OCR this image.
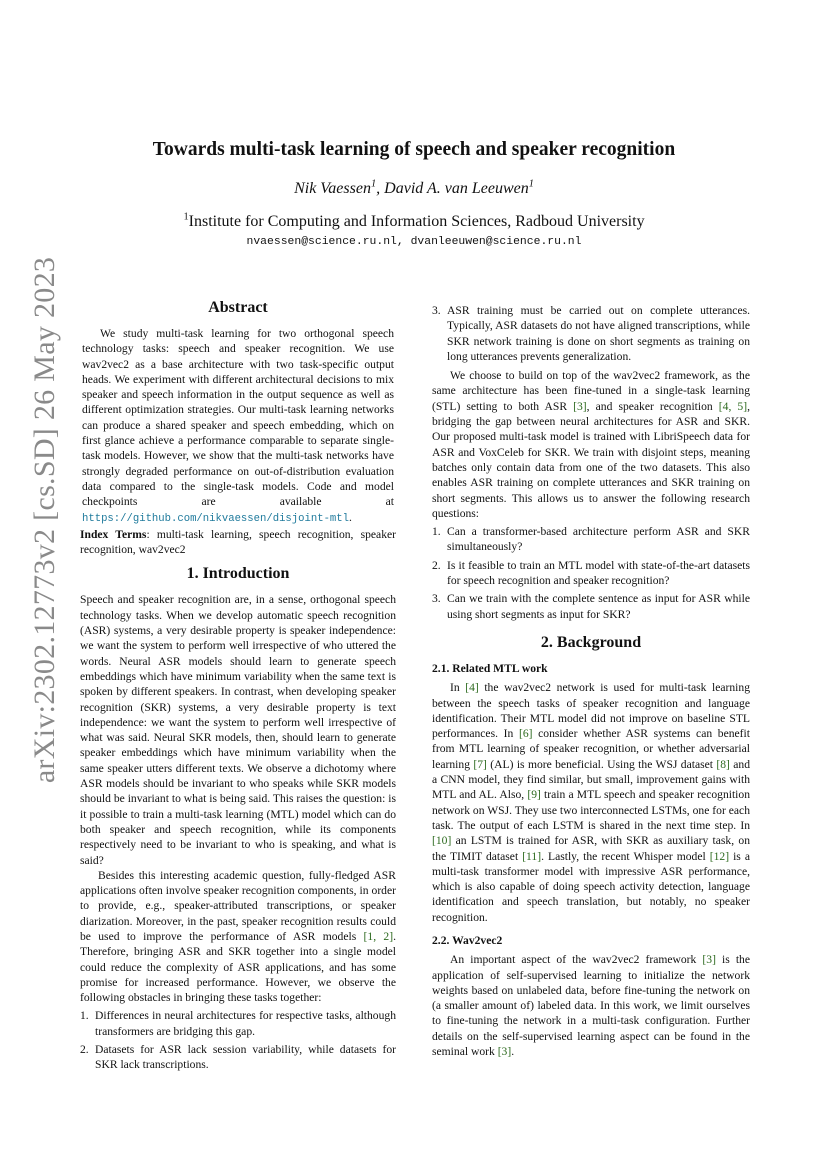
arXiv:2302.12773v2 [cs.SD] 26 May 2023
Towards multi-task learning of speech and speaker recognition
Nik Vaessen$^1$, David A. van Leeuwen$^1$
$^1$Institute for Computing and Information Sciences, Radboud University
nvaessen@science.ru.nl, dvanleeuwen@science.ru.nl
Abstract

We study multi-task learning for two orthogonal speech technology tasks: speech and speaker recognition. We use wav2vec2 as a base architecture with two task-specific output heads. We experiment with different architectural decisions to mix speaker and speech information in the output sequence as well as different optimization strategies. Our multi-task learning networks can produce a shared speaker and speech embedding, which on first glance achieve a performance comparable to separate single-task models. However, we show that the multi-task networks have strongly degraded performance on out-of-distribution evaluation data compared to the single-task models. Code and model checkpoints are available at https://github.com/nikvaessen/disjoint-mtl.

Index Terms: multi-task learning, speech recognition, speaker recognition, wav2vec2

1. Introduction

Speech and speaker recognition are, in a sense, orthogonal speech technology tasks. When we develop automatic speech recognition (ASR) systems, a very desirable property is speaker independence: we want the system to perform well irrespective of who uttered the words. Neural ASR models should learn to generate speech embeddings which have minimum variability when the same text is spoken by different speakers. In contrast, when developing speaker recognition (SKR) systems, a very desirable property is text independence: we want the system to perform well irrespective of what was said. Neural SKR models, then, should learn to generate speaker embeddings which have minimum variability when the same speaker utters different texts. We observe a dichotomy where ASR models should be invariant to who speaks while SKR models should be invariant to what is being said. This raises the question: is it possible to train a multi-task learning (MTL) model which can do both speaker and speech recognition, while its components respectively need to be invariant to who is speaking, and what is said?

Besides this interesting academic question, fully-fledged ASR applications often involve speaker recognition components, in order to provide, e.g., speaker-attributed transcriptions, or speaker diarization. Moreover, in the past, speaker recognition results could be used to improve the performance of ASR models [1, 2]. Therefore, bringing ASR and SKR together into a single model could reduce the complexity of ASR applications, and has some promise for increased performance. However, we observe the following obstacles in bringing these tasks together:

1. Differences in neural architectures for respective tasks, although transformers are bridging this gap.
2. Datasets for ASR lack session variability, while datasets for SKR lack transcriptions.
3. ASR training must be carried out on complete utterances. Typically, ASR datasets do not have aligned transcriptions, while SKR network training is done on short segments as training on long utterances prevents generalization.

We choose to build on top of the wav2vec2 framework, as the same architecture has been fine-tuned in a single-task learning (STL) setting to both ASR [3], and speaker recognition [4, 5], bridging the gap between neural architectures for ASR and SKR. Our proposed multi-task model is trained with LibriSpeech data for ASR and VoxCeleb for SKR. We train with disjoint steps, meaning batches only contain data from one of the two datasets. This also enables ASR training on complete utterances and SKR training on short segments. This allows us to answer the following research questions:

1. Can a transformer-based architecture perform ASR and SKR simultaneously?
2. Is it feasible to train an MTL model with state-of-the-art datasets for speech recognition and speaker recognition?
3. Can we train with the complete sentence as input for ASR while using short segments as input for SKR?
2. Background
2.1. Related MTL work

In [4] the wav2vec2 network is used for multi-task learning between the speech tasks of speaker recognition and language identification. Their MTL model did not improve on baseline STL performances. In [6] consider whether ASR systems can benefit from MTL learning of speaker recognition, or whether adversarial learning [7] (AL) is more beneficial. Using the WSJ dataset [8] and a CNN model, they find similar, but small, improvement gains with MTL and AL. Also, [9] train a MTL speech and speaker recognition network on WSJ. They use two interconnected LSTMs, one for each task. The output of each LSTM is shared in the next time step. In [10] an LSTM is trained for ASR, with SKR as auxiliary task, on the TIMIT dataset [11]. Lastly, the recent Whisper model [12] is a multi-task transformer model with impressive ASR performance, which is also capable of doing speech activity detection, language identification and speech translation, but notably, no speaker recognition.

2.2. Wav2vec2

An important aspect of the wav2vec2 framework [3] is the application of self-supervised learning to initialize the network weights based on unlabeled data, before fine-tuning the network on (a smaller amount of) labeled data. In this work, we limit ourselves to fine-tuning the network in a multi-task configuration. Further details on the self-supervised learning aspect can be found in the seminal work [3].
